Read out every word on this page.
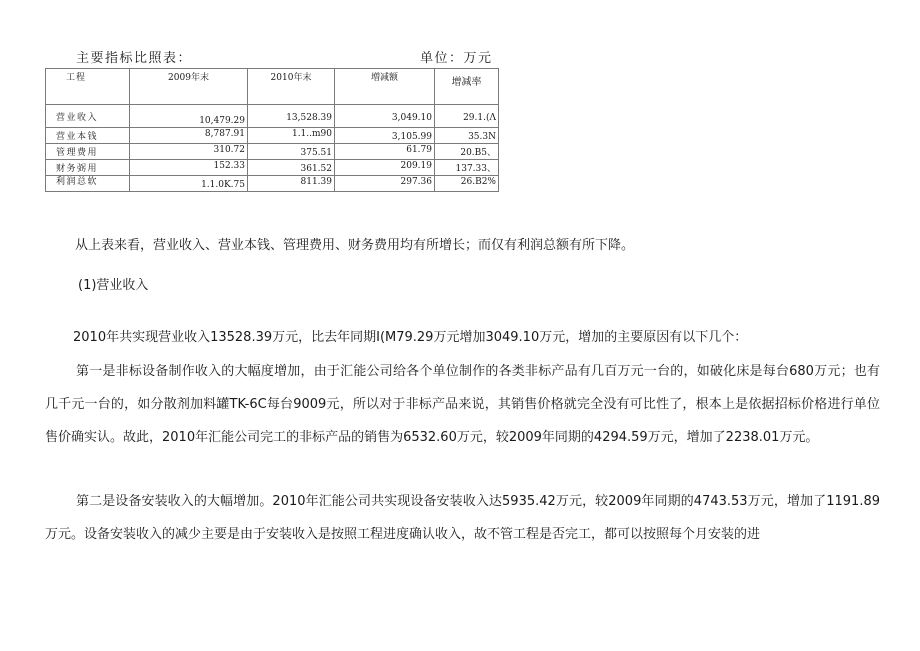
主要指标比照表：	单位：万元
工程	2009年末	2010年末	増减额	增减率
营业收入	10,479.29	13,528.39	3,049.10	29.1.(Λ
营业本钱	8,787.91	1.1..m90	3,105.99	35.3N
管理费用	310.72	375.51	61.79	20.B5、
财务弼用	152.33	361.52	209.19	137.33、
利润总软	1.1.0K.75	811.39	297.36	26.B2%
从上表来看，营业收入、营业本钱、管理费用、财务费用均有所增长；而仅有利润总额有所下降。
(1)营业收入
2010年共实现营业收入13528.39万元，比去年同期I(M79.29万元增加3049.10万元，增加的主要原因有以下几个：
第一是非标设备制作收入的大幅度增加，由于汇能公司给各个单位制作的各类非标产品有几百万元一台的，如破化床是每台680万元；也有几千元一台的，如分散剂加料罐TK-6C每台9009元，所以对于非标产品来说，其销售价格就完全没有可比性了，根本上是依据招标价格进行单位售价确实认。故此，2010年汇能公司完工的非标产品的销售为6532.60万元，较2009年同期的4294.59万元，增加了2238.01万元。
第二是设备安装收入的大幅增加。2010年汇能公司共实现设备安装收入达5935.42万元，较2009年同期的4743.53万元，增加了1191.89万元。设备安装收入的减少主要是由于安装收入是按照工程进度确认收入，故不管工程是否完工，都可以按照每个月安装的进
